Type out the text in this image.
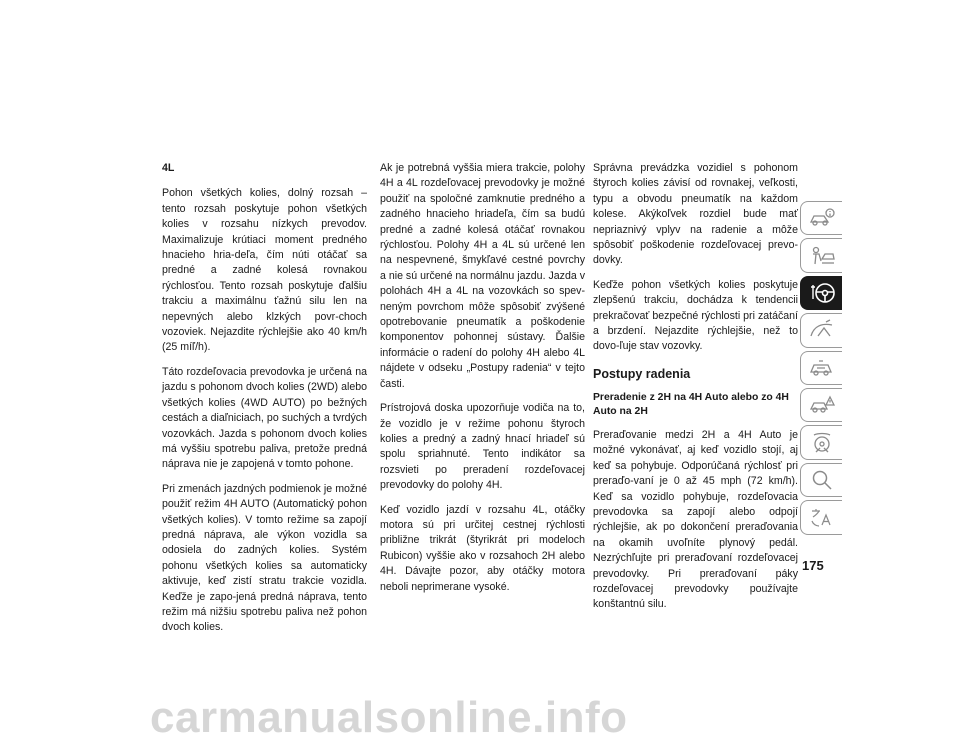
4L

Pohon všetkých kolies, dolný rozsah – tento rozsah poskytuje pohon všetkých kolies v rozsahu nízkych prevodov. Maximalizuje krútiaci moment predného hnacieho hria-deľa, čím núti otáčať sa predné a zadné kolesá rovnakou rýchlosťou. Tento rozsah poskytuje ďalšiu trakciu a maximálnu ťažnú silu len na nepevných alebo klzkých povr-choch vozoviek. Nejazdite rýchlejšie ako 40 km/h (25 míľ/h).

Táto rozdeľovacia prevodovka je určená na jazdu s pohonom dvoch kolies (2WD) alebo všetkých kolies (4WD AUTO) po bežných cestách a diaľniciach, po suchých a tvrdých vozovkách. Jazda s pohonom dvoch kolies má vyššiu spotrebu paliva, pretože predná náprava nie je zapojená v tomto pohone.

Pri zmenách jazdných podmienok je možné použiť režim 4H AUTO (Automatický pohon všetkých kolies). V tomto režime sa zapojí predná náprava, ale výkon vozidla sa odosiela do zadných kolies. Systém pohonu všetkých kolies sa automaticky aktivuje, keď zistí stratu trakcie vozidla. Keďže je zapo-jená predná náprava, tento režim má nižšiu spotrebu paliva než pohon dvoch kolies.

Ak je potrebná vyššia miera trakcie, polohy 4H a 4L rozdeľovacej prevodovky je možné použiť na spoločné zamknutie predného a zadného hnacieho hriadeľa, čím sa budú predné a zadné kolesá otáčať rovnakou rýchlosťou. Polohy 4H a 4L sú určené len na nespevnené, šmykľavé cestné povrchy a nie sú určené na normálnu jazdu. Jazda v polohách 4H a 4L na vozovkách so spev-neným povrchom môže spôsobiť zvýšené opotrebovanie pneumatík a poškodenie komponentov pohonnej sústavy. Ďalšie informácie o radení do polohy 4H alebo 4L nájdete v odseku „Postupy radenia“ v tejto časti.

Prístrojová doska upozorňuje vodiča na to, že vozidlo je v režime pohonu štyroch kolies a predný a zadný hnací hriadeľ sú spolu spriahnuté. Tento indikátor sa rozsvieti po preradení rozdeľovacej prevodovky do polohy 4H.

Keď vozidlo jazdí v rozsahu 4L, otáčky motora sú pri určitej cestnej rýchlosti približne trikrát (štyrikrát pri modeloch Rubicon) vyššie ako v rozsahoch 2H alebo 4H. Dávajte pozor, aby otáčky motora neboli neprimerane vysoké.

Správna prevádzka vozidiel s pohonom štyroch kolies závisí od rovnakej, veľkosti, typu a obvodu pneumatík na každom kolese. Akýkoľvek rozdiel bude mať nepriaznivý vplyv na radenie a môže spôsobiť poškodenie rozdeľovacej prevo-dovky.

Keďže pohon všetkých kolies poskytuje zlepšenú trakciu, dochádza k tendencii prekračovať bezpečné rýchlosti pri zatáčaní a brzdení. Nejazdite rýchlejšie, než to dovo-ľuje stav vozovky.

Postupy radenia
Preradenie z 2H na 4H Auto alebo zo 4H Auto na 2H

Preraďovanie medzi 2H a 4H Auto je možné vykonávať, aj keď vozidlo stojí, aj keď sa pohybuje. Odporúčaná rýchlosť pri preraďo-vaní je 0 až 45 mph (72 km/h). Keď sa vozidlo pohybuje, rozdeľovacia prevodovka sa zapojí alebo odpojí rýchlejšie, ak po dokončení preraďovania na okamih uvoľníte plynový pedál. Nezrýchľujte pri preraďovaní rozdeľovacej prevodovky. Pri preraďovaní páky rozdeľovacej prevodovky používajte konštantnú silu.

175
carmanualsonline.info
